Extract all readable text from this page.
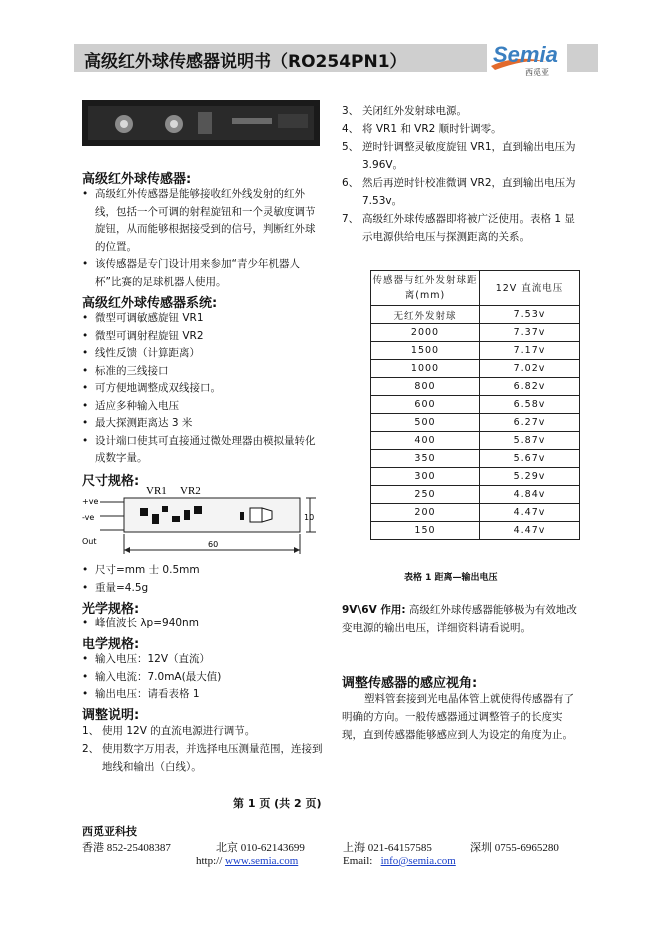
高级红外球传感器说明书（RO254PN1）	Semia
西觅亚
高级红外球传感器:
• 高级红外传感器是能够接收红外线发射的红外线，包括一个可调的射程旋钮和一个灵敏度调节旋钮，从而能够根据接受到的信号，判断红外球的位置。
• 该传感器是专门设计用来参加“青少年机器人杯”比赛的足球机器人使用。
高级红外球传感器系统:
• 微型可调敏感旋钮 VR1
• 微型可调射程旋钮 VR2
• 线性反馈（计算距离）
• 标准的三线接口
• 可方便地调整成双线接口。
• 适应多种输入电压
• 最大探测距离达 3 米
• 设计端口使其可直接通过微处理器由模拟量转化成数字量。
尺寸规格:
VR1 VR2
+ve
-ve
Out
10
60
• 尺寸=mm 士 0.5mm
• 重量=4.5g
光学规格:
• 峰值波长 λp=940nm
电学规格:
• 输入电压：12V（直流）
• 输入电流：7.0mA(最大值)
• 输出电压：请看表格 1
调整说明:
1、 使用 12V 的直流电源进行调节。
2、 使用数字万用表，并选择电压测量范围，连接到地线和输出（白线）。
3、 关闭红外发射球电源。
4、 将 VR1 和 VR2 顺时针调零。
5、 逆时针调整灵敏度旋钮 VR1，直到输出电压为 3.96V。
6、 然后再逆时针校准微调 VR2，直到输出电压为 7.53v。
7、 高级红外球传感器即将被广泛使用。表格 1 显示电源供给电压与探测距离的关系。
传感器与红外发射球距离(mm)	12V 直流电压
无红外发射球	7.53v
2000	7.37v
1500	7.17v
1000	7.02v
800	6.82v
600	6.58v
500	6.27v
400	5.87v
350	5.67v
300	5.29v
250	4.84v
200	4.47v
150	4.47v
表格 1 距离—输出电压
9V\6V 作用: 高级红外球传感器能够极为有效地改变电源的输出电压，详细资料请看说明。
调整传感器的感应视角:
塑料管套接到光电晶体管上就使得传感器有了明确的方向。一般传感器通过调整管子的长度实现，直到传感器能够感应到人为设定的角度为止。
第 1 页 (共 2 页)
西觅亚科技
香港 852-25408387	北京 010-62143699	上海 021-64157585	深圳 0755-6965280
http:// www.semia.com	Email: info@semia.com
